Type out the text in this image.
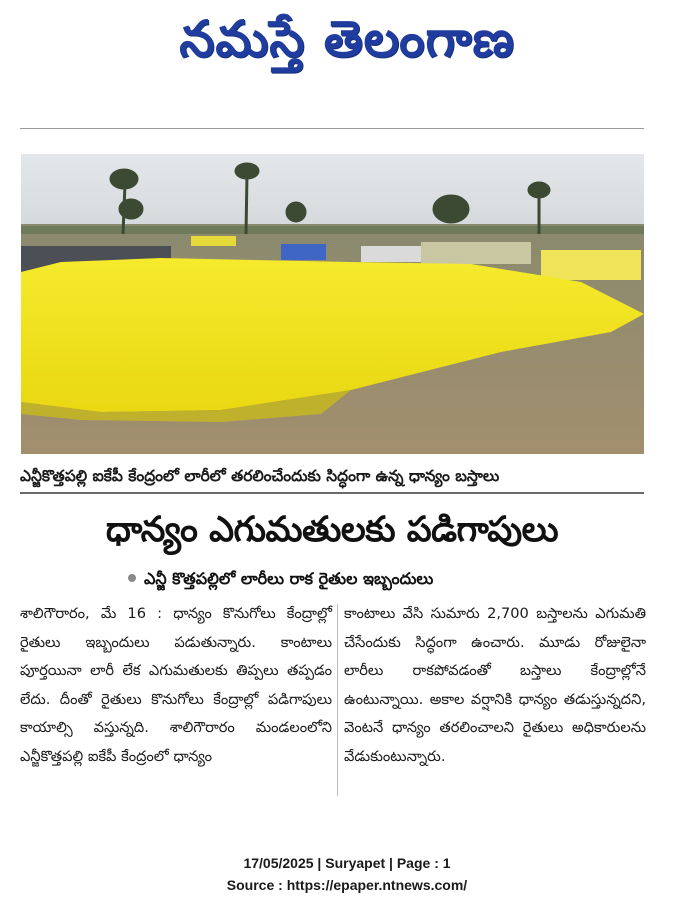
నమస్తే తెలంగాణ
ఎన్జీకొత్తపల్లి ఐకేపీ కేంద్రంలో లారీలో తరలించేందుకు సిద్ధంగా ఉన్న ధాన్యం బస్తాలు
ధాన్యం ఎగుమతులకు పడిగాపులు
ఎన్జీ కొత్తపల్లిలో లారీలు రాక రైతుల ఇబ్బందులు
శాలిగౌరారం, మే 16 : ధాన్యం కొనుగోలు కేంద్రాల్లో రైతులు ఇబ్బందులు పడుతున్నారు. కాంటాలు పూర్తయినా లారీ లేక ఎగుమతులకు తిప్పలు తప్పడం లేదు. దీంతో రైతులు కొనుగోలు కేంద్రాల్లో పడిగాపులు కాయాల్సి వస్తున్నది. శాలిగౌరారం మండలంలోని ఎన్జీకొత్తపల్లి ఐకేపీ కేంద్రంలో ధాన్యం
కాంటాలు వేసి సుమారు 2,700 బస్తాలను ఎగుమతి చేసేందుకు సిద్ధంగా ఉంచారు. మూడు రోజులైనా లారీలు రాకపోవడంతో బస్తాలు కేంద్రాల్లోనే ఉంటున్నాయి. అకాల వర్షానికి ధాన్యం తడుస్తున్నదని, వెంటనే ధాన్యం తరలించాలని రైతులు అధికారులను వేడుకుంటున్నారు.
17/05/2025 | Suryapet | Page : 1
Source : https://epaper.ntnews.com/
